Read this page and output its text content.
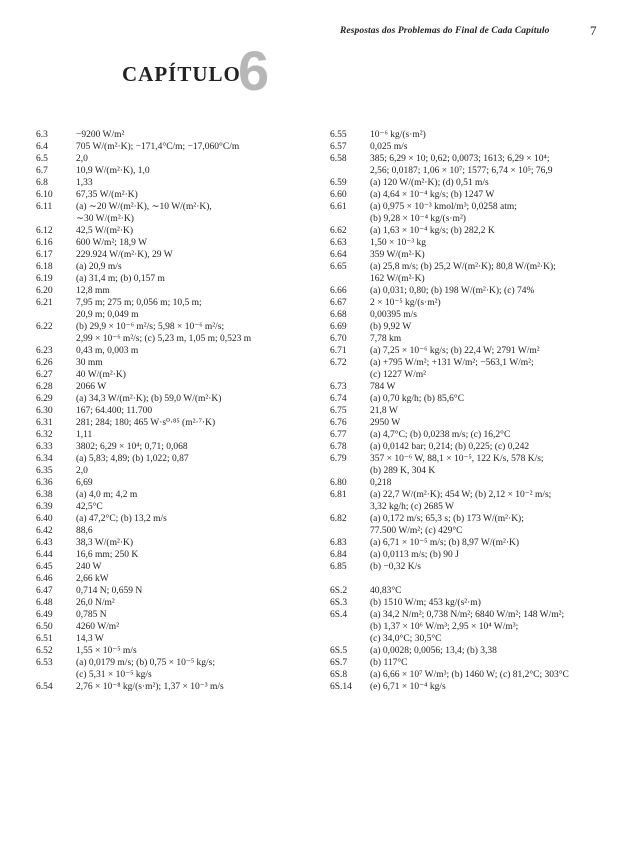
Respostas dos Problemas do Final de Cada Capítulo	7
CAPÍTULO
6
6.3	−9200 W/m²
6.4	705 W/(m²·K); −171,4°C/m; −17,060°C/m
6.5	2,0
6.7	10,9 W/(m²·K), 1,0
6.8	1,33
6.10	67,35 W/(m²·K)
6.11	(a) ∼20 W/(m²·K), ∼10 W/(m²·K),
∼30 W/(m²·K)
6.12	42,5 W/(m²·K)
6.16	600 W/m²; 18,9 W
6.17	229.924 W/(m²·K), 29 W
6.18	(a) 20,9 m/s
6.19	(a) 31,4 m; (b) 0,157 m
6.20	12,8 mm
6.21	7,95 m; 275 m; 0,056 m; 10,5 m;
20,9 m; 0,049 m
6.22	(b) 29,9 × 10⁻⁶ m²/s; 5,98 × 10⁻⁶ m²/s;
2,99 × 10⁻⁶ m²/s; (c) 5,23 m, 1,05 m; 0,523 m
6.23	0,43 m, 0,003 m
6.26	30 mm
6.27	40 W/(m²·K)
6.28	2066 W
6.29	(a) 34,3 W/(m²·K); (b) 59,0 W/(m²·K)
6.30	167; 64.400; 11.700
6.31	281; 284; 180; 465 W·s⁰·⁸⁵ (m²·⁷·K)
6.32	1,11
6.33	3802; 6,29 × 10⁴; 0,71; 0,068
6.34	(a) 5,83; 4,89; (b) 1,022; 0,87
6.35	2,0
6.36	6,69
6.38	(a) 4,0 m; 4,2 m
6.39	42,5°C
6.40	(a) 47,2°C; (b) 13,2 m/s
6.42	88,6
6.43	38,3 W/(m²·K)
6.44	16,6 mm; 250 K
6.45	240 W
6.46	2,66 kW
6.47	0,714 N; 0,659 N
6.48	26,0 N/m²
6.49	0,785 N
6.50	4260 W/m²
6.51	14,3 W
6.52	1,55 × 10⁻⁵ m/s
6.53	(a) 0,0179 m/s; (b) 0,75 × 10⁻⁵ kg/s;
(c) 5,31 × 10⁻⁵ kg/s
6.54	2,76 × 10⁻⁸ kg/(s·m²); 1,37 × 10⁻³ m/s
6.55	10⁻⁶ kg/(s·m²)
6.57	0,025 m/s
6.58	385; 6,29 × 10; 0,62; 0,0073; 1613; 6,29 × 10⁴;
2,56; 0,0187; 1,06 × 10⁷; 1577; 6,74 × 10⁵; 76,9
6.59	(a) 120 W/(m²·K); (d) 0,51 m/s
6.60	(a) 4,64 × 10⁻⁴ kg/s; (b) 1247 W
6.61	(a) 0,975 × 10⁻³ kmol/m³; 0,0258 atm;
(b) 9,28 × 10⁻⁴ kg/(s·m²)
6.62	(a) 1,63 × 10⁻⁴ kg/s; (b) 282,2 K
6.63	1,50 × 10⁻³ kg
6.64	359 W/(m²·K)
6.65	(a) 25,8 m/s; (b) 25,2 W/(m²·K); 80,8 W/(m²·K);
162 W/(m²·K)
6.66	(a) 0,031; 0,80; (b) 198 W/(m²·K); (c) 74%
6.67	2 × 10⁻⁵ kg/(s·m²)
6.68	0,00395 m/s
6.69	(b) 9,92 W
6.70	7,78 km
6.71	(a) 7,25 × 10⁻⁶ kg/s; (b) 22,4 W; 2791 W/m²
6.72	(a) +795 W/m²; +131 W/m²; −563,1 W/m²;
(c) 1227 W/m²
6.73	784 W
6.74	(a) 0,70 kg/h; (b) 85,6°C
6.75	21,8 W
6.76	2950 W
6.77	(a) 4,7°C; (b) 0,0238 m/s; (c) 16,2°C
6.78	(a) 0,0142 bar; 0,214; (b) 0,225; (c) 0,242
6.79	357 × 10⁻⁶ W, 88,1 × 10⁻⁵, 122 K/s, 578 K/s;
(b) 289 K, 304 K
6.80	0,218
6.81	(a) 22,7 W/(m²·K); 454 W; (b) 2,12 × 10⁻² m/s;
3,32 kg/h; (c) 2685 W
6.82	(a) 0,172 m/s; 65,3 s; (b) 173 W/(m²·K);
77.500 W/m²; (c) 429°C
6.83	(a) 6,71 × 10⁻⁵ m/s; (b) 8,97 W/(m²·K)
6.84	(a) 0,0113 m/s; (b) 90 J
6.85	(b) −0,32 K/s
6S.2	40,83°C
6S.3	(b) 1510 W/m; 453 kg/(s²·m)
6S.4	(a) 34,2 N/m²; 0,738 N/m²; 6840 W/m²; 148 W/m²;
(b) 1,37 × 10⁶ W/m³; 2,95 × 10⁴ W/m³;
(c) 34,0°C; 30,5°C
6S.5	(a) 0,0028; 0,0056; 13,4; (b) 3,38
6S.7	(b) 117°C
6S.8	(a) 6,66 × 10⁷ W/m³; (b) 1460 W; (c) 81,2°C; 303°C
6S.14	(e) 6,71 × 10⁻⁴ kg/s
